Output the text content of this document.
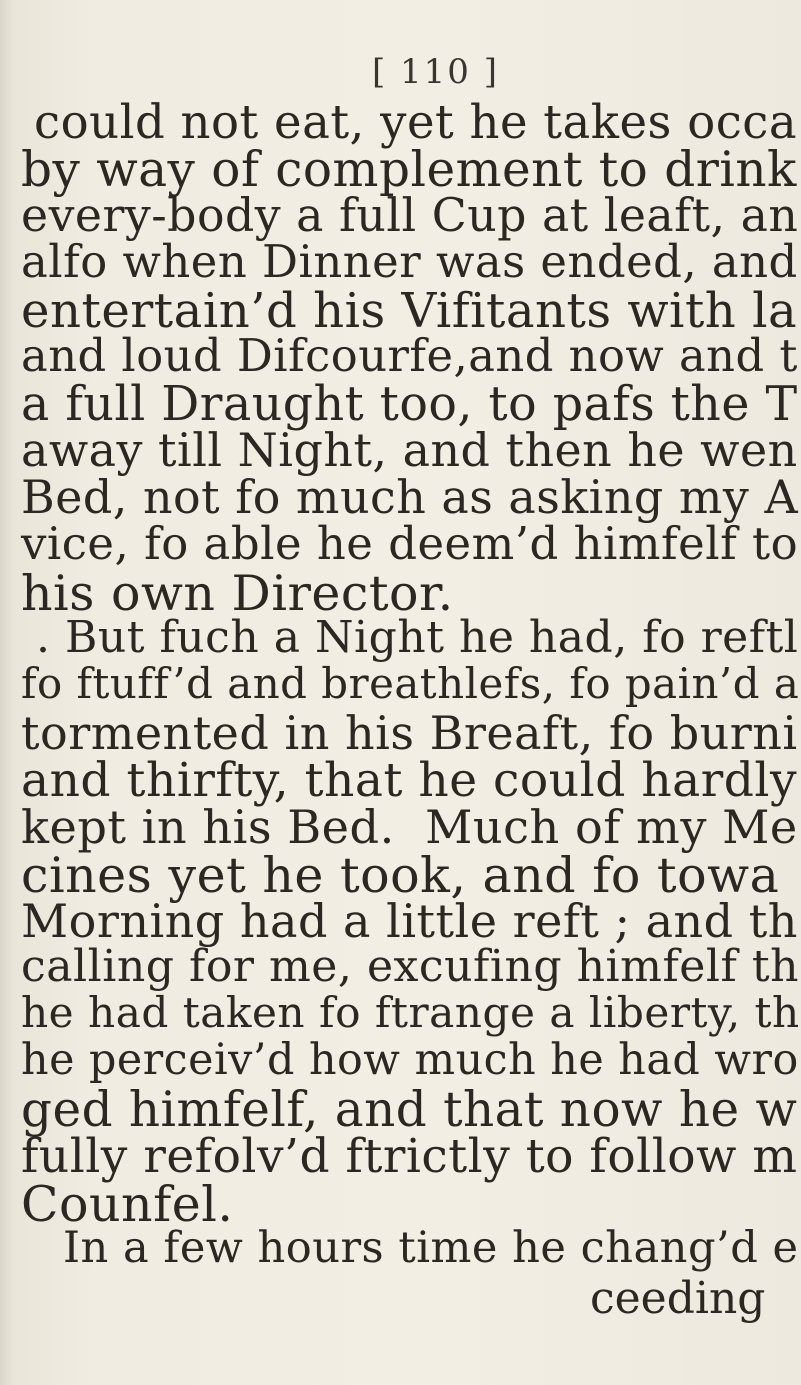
[ 110 ]
could not eat, yet he takes occa
by way of complement to drink
every-body a full Cup at leaft, an
alfo when Dinner was ended, and
entertain’d his Vifitants with la
and loud Difcourfe,and now and t
a full Draught too, to pafs the T
away till Night, and then he wen
Bed, not fo much as asking my A
vice, fo able he deem’d himfelf to
his own Director.
. But fuch a Night he had, fo reftl
fo ftuff’d and breathlefs, fo pain’d a
tormented in his Breaft, fo burni
and thirfty, that he could hardly
kept in his Bed.  Much of my Me
cines yet he took, and fo towa
Morning had a little reft ; and th
calling for me, excufing himfelf th
he had taken fo ftrange a liberty, th
he perceiv’d how much he had wro
ged himfelf, and that now he w
fully refolv’d ftrictly to follow m
Counfel.
In a few hours time he chang’d e
ceeding
